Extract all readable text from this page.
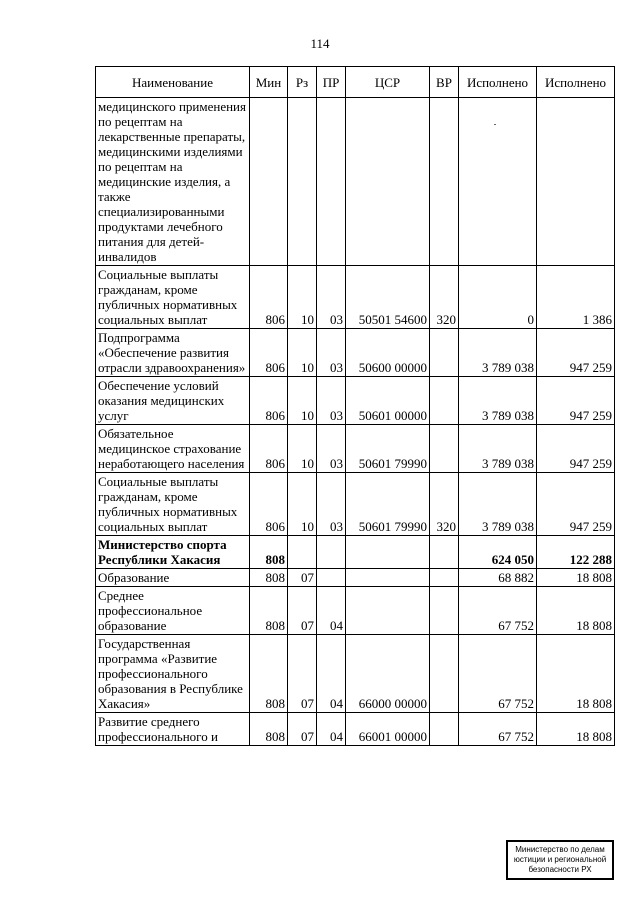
114
Наименование	Мин	Рз	ПР	ЦСР	ВР	Исполнено	Исполнено
медицинского применения по рецептам на лекарственные препараты, медицинскими изделиями по рецептам на медицинские изделия, а также специализированными продуктами лечебного питания для детей-инвалидов							
Социальные выплаты гражданам, кроме публичных нормативных социальных выплат	806	10	03	50501 54600	320	0	1 386
Подпрограмма «Обеспечение развития отрасли здравоохранения»	806	10	03	50600 00000		3 789 038	947 259
Обеспечение условий оказания медицинских услуг	806	10	03	50601 00000		3 789 038	947 259
Обязательное медицинское страхование неработающего населения	806	10	03	50601 79990		3 789 038	947 259
Социальные выплаты гражданам, кроме публичных нормативных социальных выплат	806	10	03	50601 79990	320	3 789 038	947 259
Министерство спорта Республики Хакасия	808					624 050	122 288
Образование	808	07				68 882	18 808
Среднее профессиональное образование	808	07	04			67 752	18 808
Государственная программа «Развитие профессионального образования в Республике Хакасия»	808	07	04	66000 00000		67 752	18 808
Развитие среднего профессионального и	808	07	04	66001 00000		67 752	18 808
Министерство по делам
юстиции и региональной
безопасности РХ
